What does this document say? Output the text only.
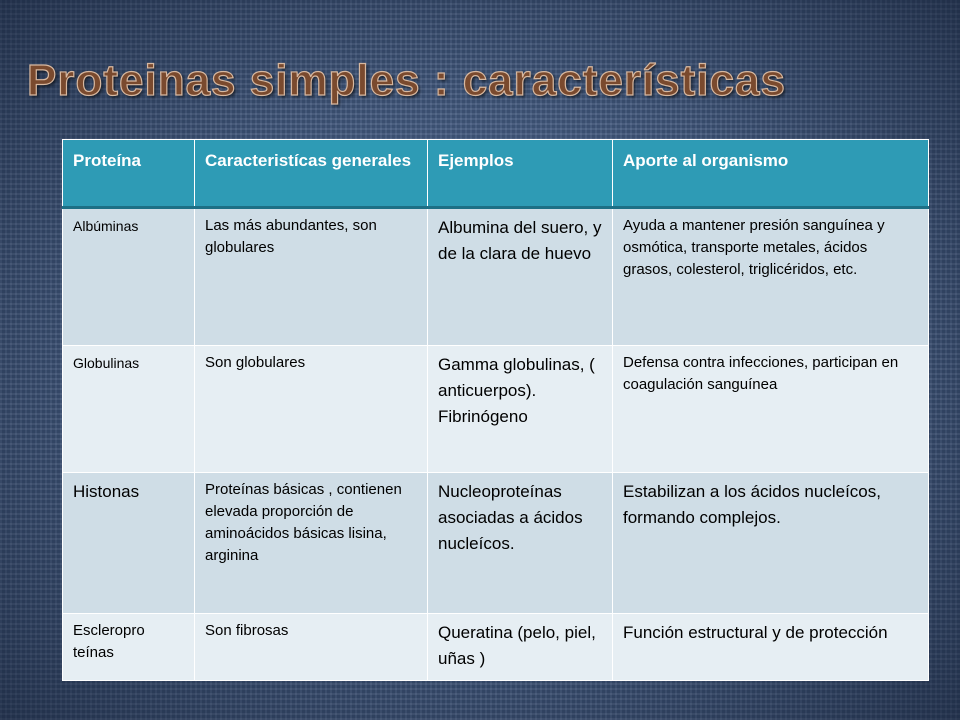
Proteinas simples : características
Proteína	Caracteristícas generales	Ejemplos	Aporte al organismo
Albúminas	Las más abundantes, son globulares	Albumina del suero, y de la clara de huevo	Ayuda a mantener presión sanguínea y osmótica, transporte metales, ácidos grasos, colesterol, triglicéridos, etc.
Globulinas	Son globulares	Gamma globulinas, ( anticuerpos). Fibrinógeno	Defensa contra infecciones, participan en coagulación sanguínea
Histonas	Proteínas básicas , contienen elevada proporción de aminoácidos básicas lisina, arginina	Nucleoproteínas asociadas a ácidos nucleícos.	Estabilizan a los ácidos nucleícos, formando complejos.
Escleropro teínas	Son fibrosas	Queratina (pelo, piel, uñas )	Función estructural y de protección
